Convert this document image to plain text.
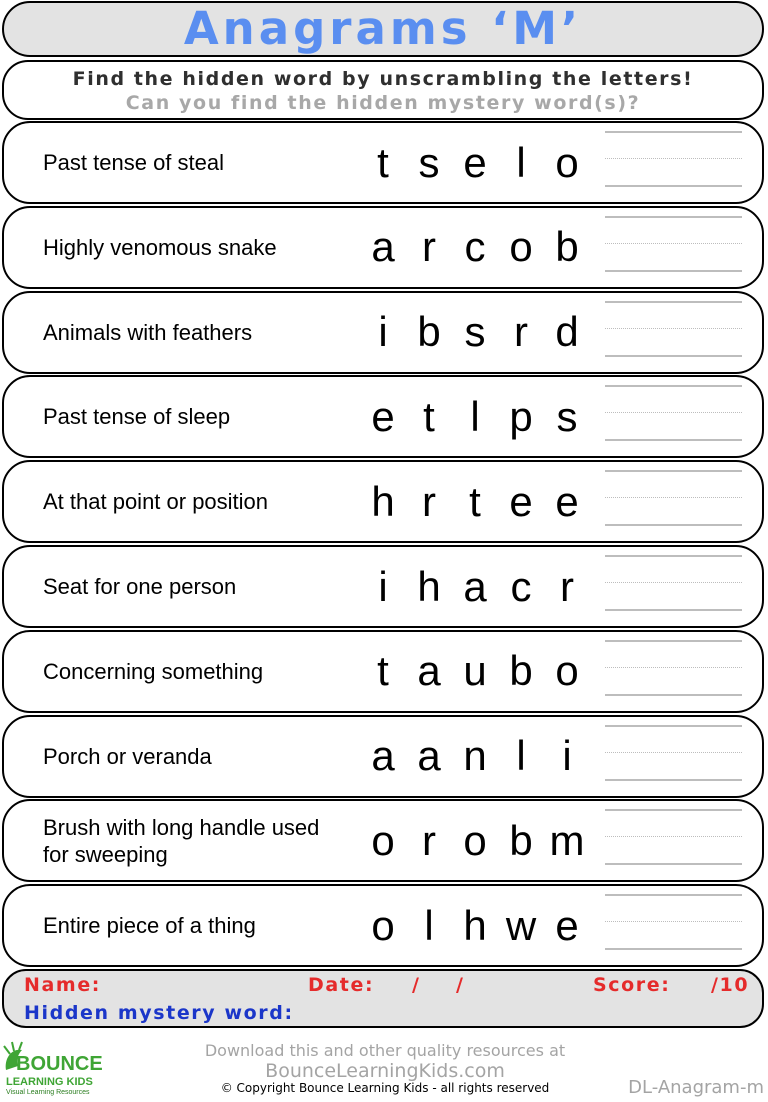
Anagrams ‘M’
Find the hidden word by unscrambling the letters!
Can you find the hidden mystery word(s)?
Past tense of steal	t s e l o
Highly venomous snake	a r c o b
Animals with feathers	i b s r d
Past tense of sleep	e t l p s
At that point or position	h r t e e
Seat for one person	i h a c r
Concerning something	t a u b o
Porch or veranda	a a n l i
Brush with long handle used for sweeping	o r o b m
Entire piece of a thing	o l h w e
Name:	Date: / /	Score: /10
Hidden mystery word:
BOUNCE
LEARNING KIDS
Visual Learning Resources
Download this and other quality resources at
BounceLearningKids.com
© Copyright Bounce Learning Kids - all rights reserved	DL-Anagram-m
